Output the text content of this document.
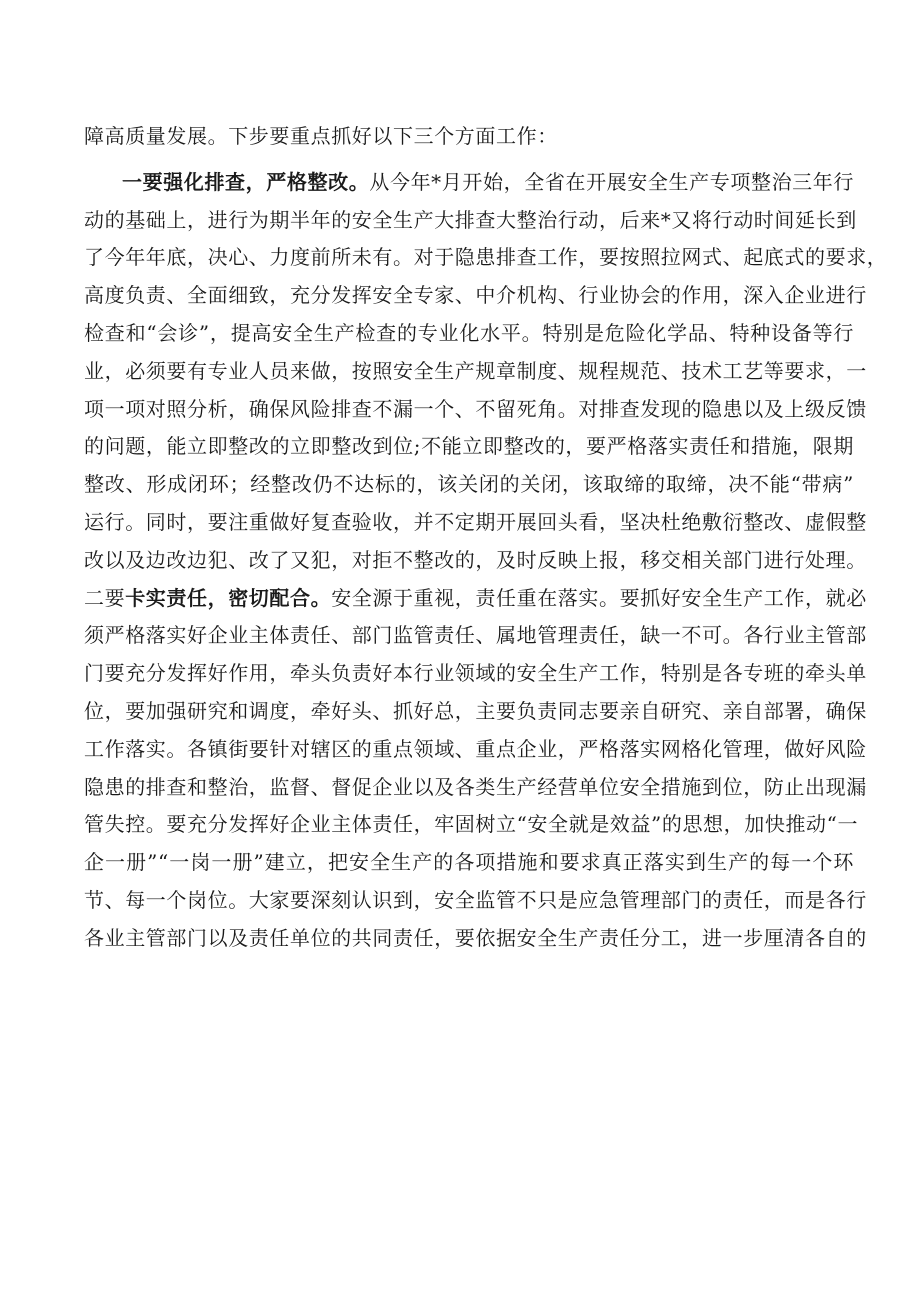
障高质量发展。下步要重点抓好以下三个方面工作：
一要强化排查，严格整改。从今年*月开始，全省在开展安全生产专项整治三年行
动的基础上，进行为期半年的安全生产大排查大整治行动，后来*又将行动时间延长到
了今年年底，决心、力度前所未有。对于隐患排查工作，要按照拉网式、起底式的要求，
高度负责、全面细致，充分发挥安全专家、中介机构、行业协会的作用，深入企业进行
检查和“会诊”，提高安全生产检查的专业化水平。特别是危险化学品、特种设备等行
业，必须要有专业人员来做，按照安全生产规章制度、规程规范、技术工艺等要求，一
项一项对照分析，确保风险排查不漏一个、不留死角。对排查发现的隐患以及上级反馈
的问题，能立即整改的立即整改到位;不能立即整改的，要严格落实责任和措施，限期
整改、形成闭环；经整改仍不达标的，该关闭的关闭，该取缔的取缔，决不能“带病”
运行。同时，要注重做好复查验收，并不定期开展回头看，坚决杜绝敷衍整改、虚假整
改以及边改边犯、改了又犯，对拒不整改的，及时反映上报，移交相关部门进行处理。
二要卡实责任，密切配合。安全源于重视，责任重在落实。要抓好安全生产工作，就必
须严格落实好企业主体责任、部门监管责任、属地管理责任，缺一不可。各行业主管部
门要充分发挥好作用，牵头负责好本行业领域的安全生产工作，特别是各专班的牵头单
位，要加强研究和调度，牵好头、抓好总，主要负责同志要亲自研究、亲自部署，确保
工作落实。各镇街要针对辖区的重点领域、重点企业，严格落实网格化管理，做好风险
隐患的排查和整治，监督、督促企业以及各类生产经营单位安全措施到位，防止出现漏
管失控。要充分发挥好企业主体责任，牢固树立“安全就是效益”的思想，加快推动“一
企一册”“一岗一册”建立，把安全生产的各项措施和要求真正落实到生产的每一个环
节、每一个岗位。大家要深刻认识到，安全监管不只是应急管理部门的责任，而是各行
各业主管部门以及责任单位的共同责任，要依据安全生产责任分工，进一步厘清各自的
